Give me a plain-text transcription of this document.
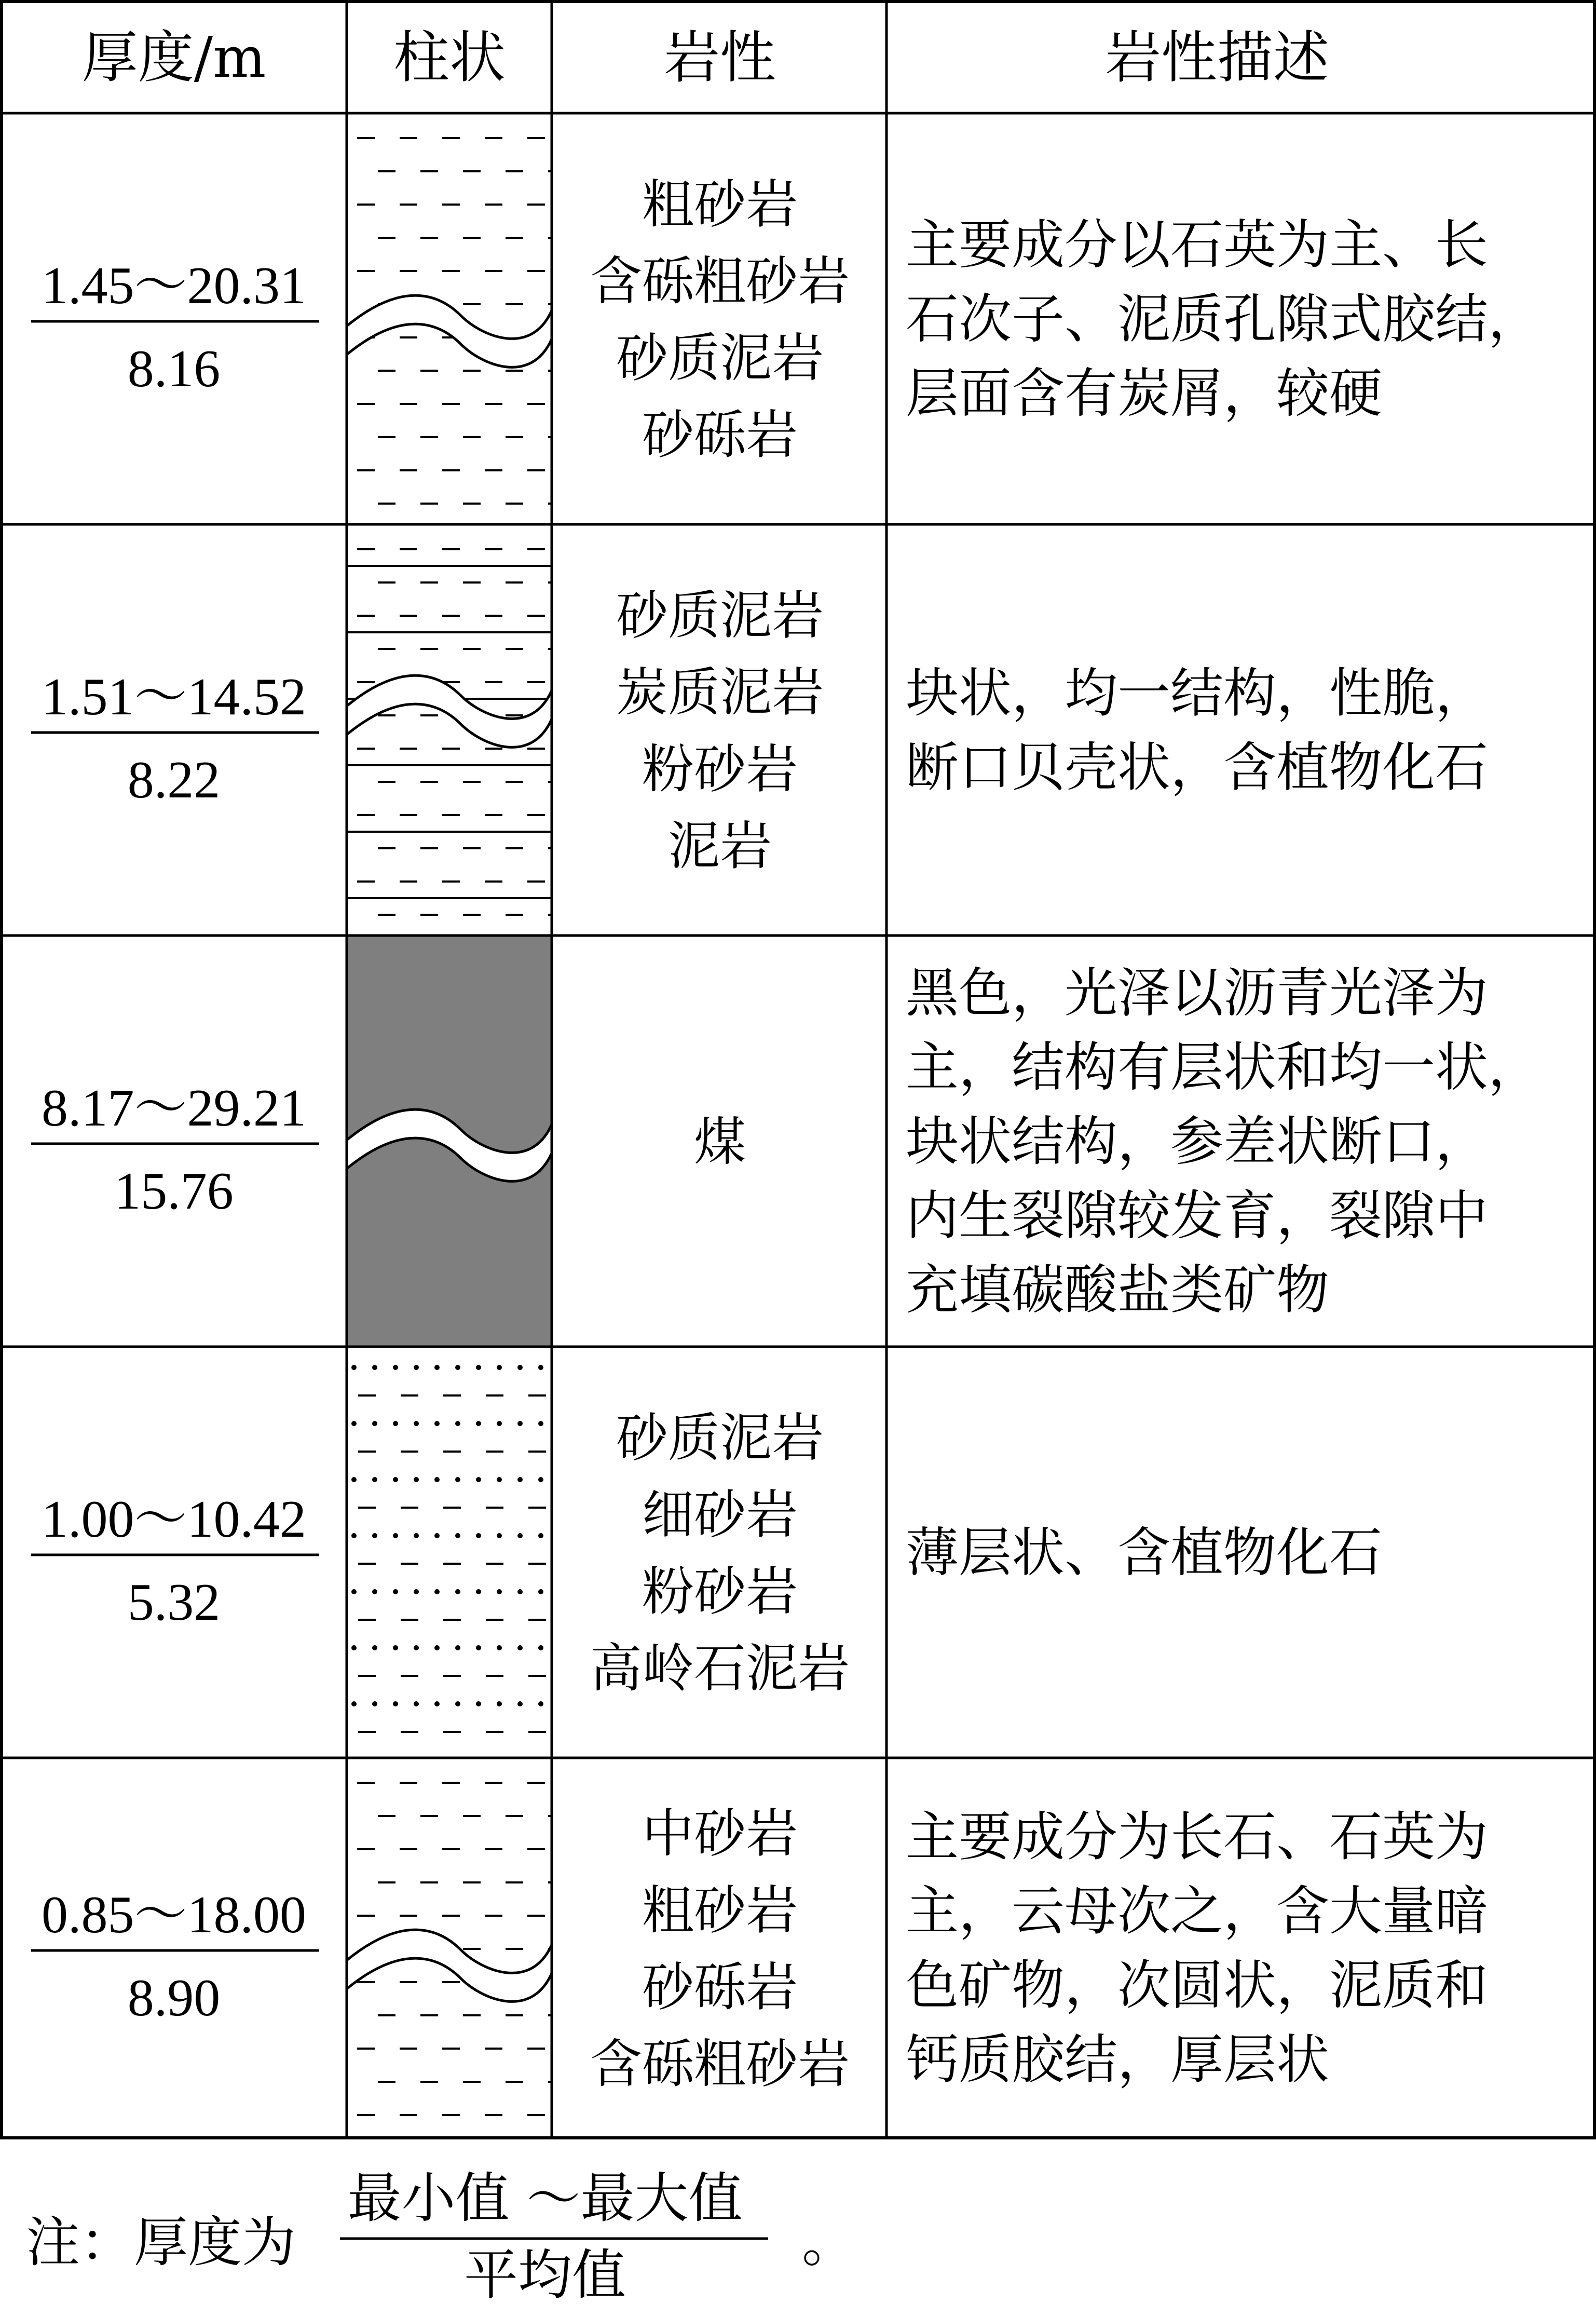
厚度/m 柱状	岩性	岩性描述
1.45～20.31
8.16
粗砂岩
含砾粗砂岩
砂质泥岩
砂砾岩
主要成分以石英为主、长
石次子、泥质孔隙式胶结，
层面含有炭屑，较硬
1.51～14.52
8.22
砂质泥岩
炭质泥岩
粉砂岩
泥岩
块状，均一结构，性脆，
断口贝壳状，含植物化石
8.17～29.21
15.76
煤
黑色，光泽以沥青光泽为
主，结构有层状和均一状，
块状结构，参差状断口，
内生裂隙较发育，裂隙中
充填碳酸盐类矿物
1.00～10.42
5.32
砂质泥岩
细砂岩
粉砂岩
高岭石泥岩
薄层状、含植物化石
0.85～18.00
8.90
中砂岩
粗砂岩
砂砾岩
含砾粗砂岩
主要成分为长石、石英为
主，云母次之，含大量暗
色矿物，次圆状，泥质和
钙质胶结，厚层状
注：厚度为
最小值 ～最大值
平均值
。
